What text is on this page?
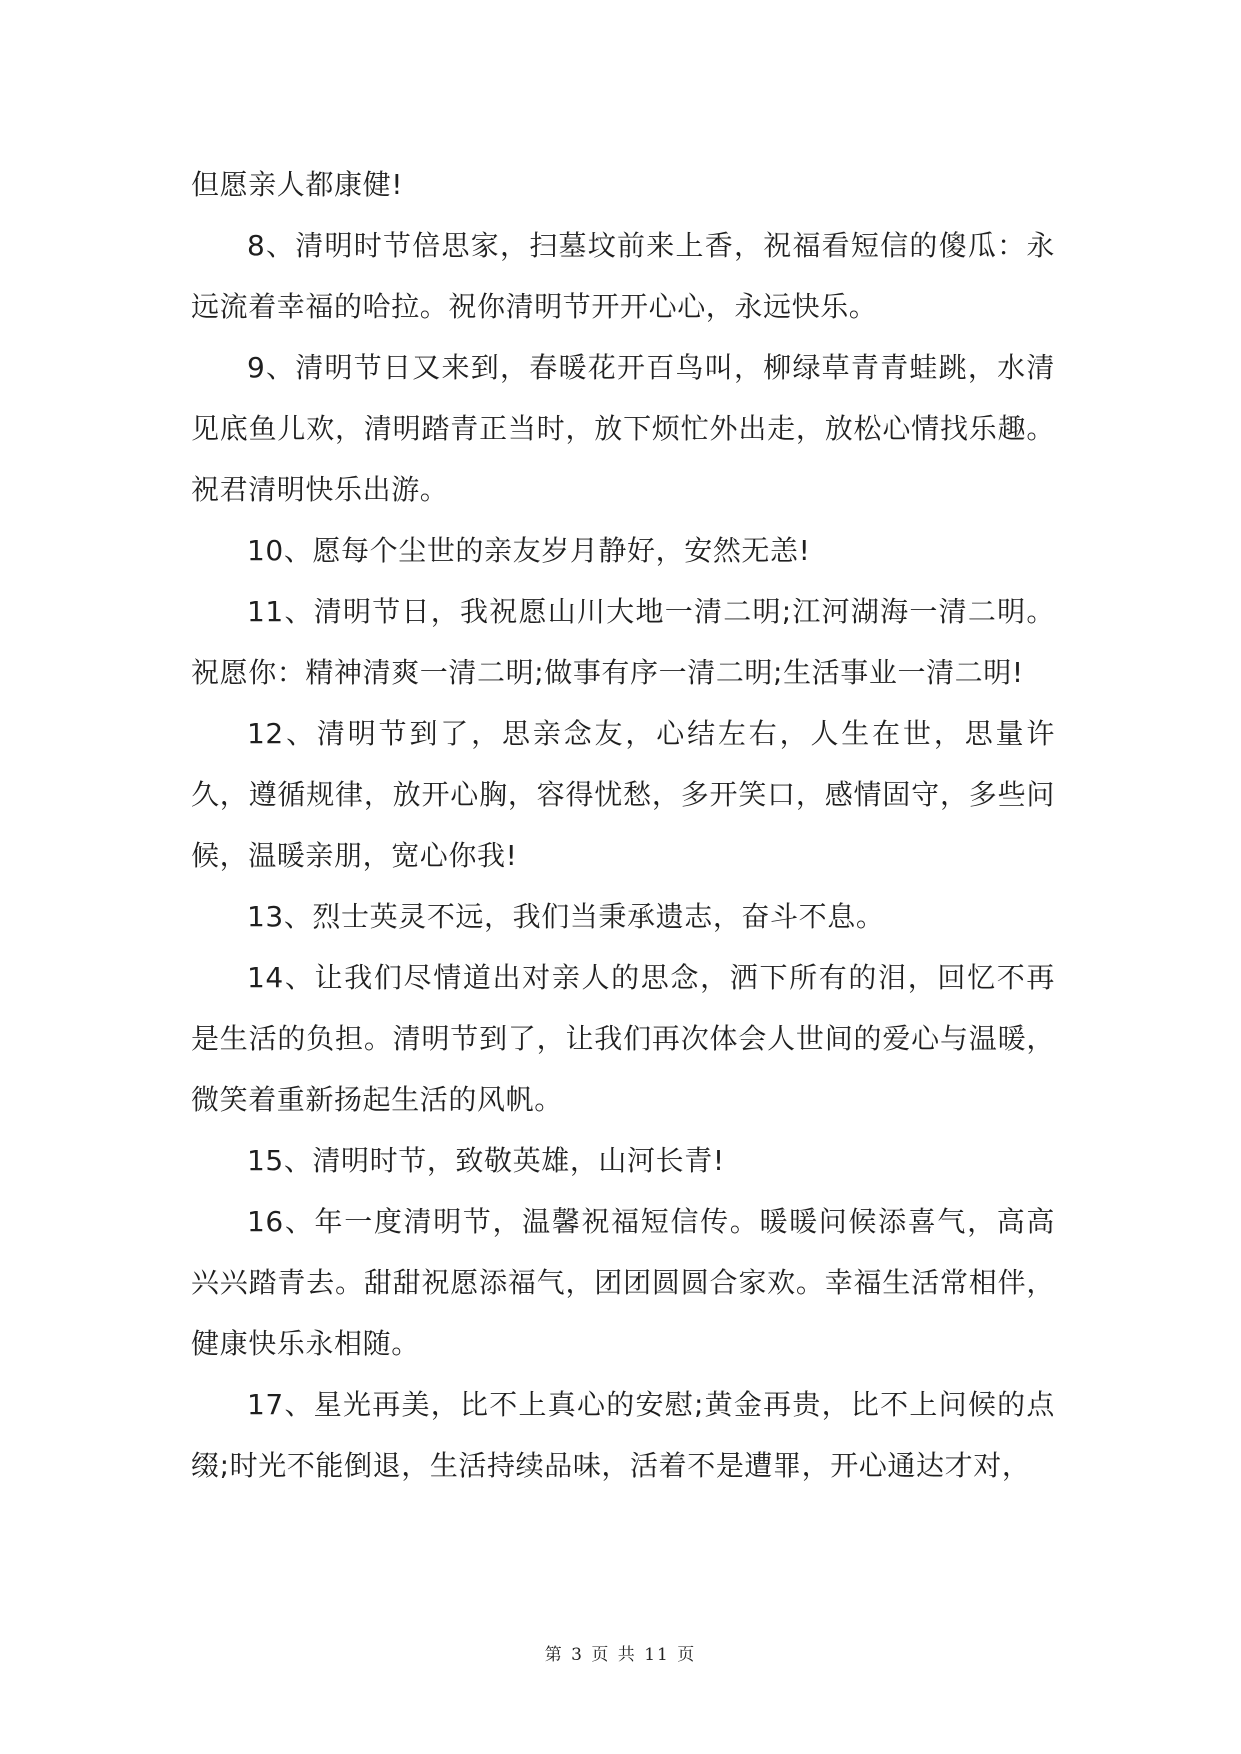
但愿亲人都康健!

8、清明时节倍思家，扫墓坟前来上香，祝福看短信的傻瓜：永远流着幸福的哈拉。祝你清明节开开心心，永远快乐。

9、清明节日又来到，春暖花开百鸟叫，柳绿草青青蛙跳，水清见底鱼儿欢，清明踏青正当时，放下烦忙外出走，放松心情找乐趣。祝君清明快乐出游。

10、愿每个尘世的亲友岁月静好，安然无恙!

11、清明节日，我祝愿山川大地一清二明;江河湖海一清二明。祝愿你：精神清爽一清二明;做事有序一清二明;生活事业一清二明!

12、清明节到了，思亲念友，心结左右，人生在世，思量许久，遵循规律，放开心胸，容得忧愁，多开笑口，感情固守，多些问候，温暖亲朋，宽心你我!

13、烈士英灵不远，我们当秉承遗志，奋斗不息。

14、让我们尽情道出对亲人的思念，洒下所有的泪，回忆不再是生活的负担。清明节到了，让我们再次体会人世间的爱心与温暖，微笑着重新扬起生活的风帆。

15、清明时节，致敬英雄，山河长青!

16、年一度清明节，温馨祝福短信传。暖暖问候添喜气，高高兴兴踏青去。甜甜祝愿添福气，团团圆圆合家欢。幸福生活常相伴，健康快乐永相随。

17、星光再美，比不上真心的安慰;黄金再贵，比不上问候的点缀;时光不能倒退，生活持续品味，活着不是遭罪，开心通达才对，

第 3 页 共 11 页
